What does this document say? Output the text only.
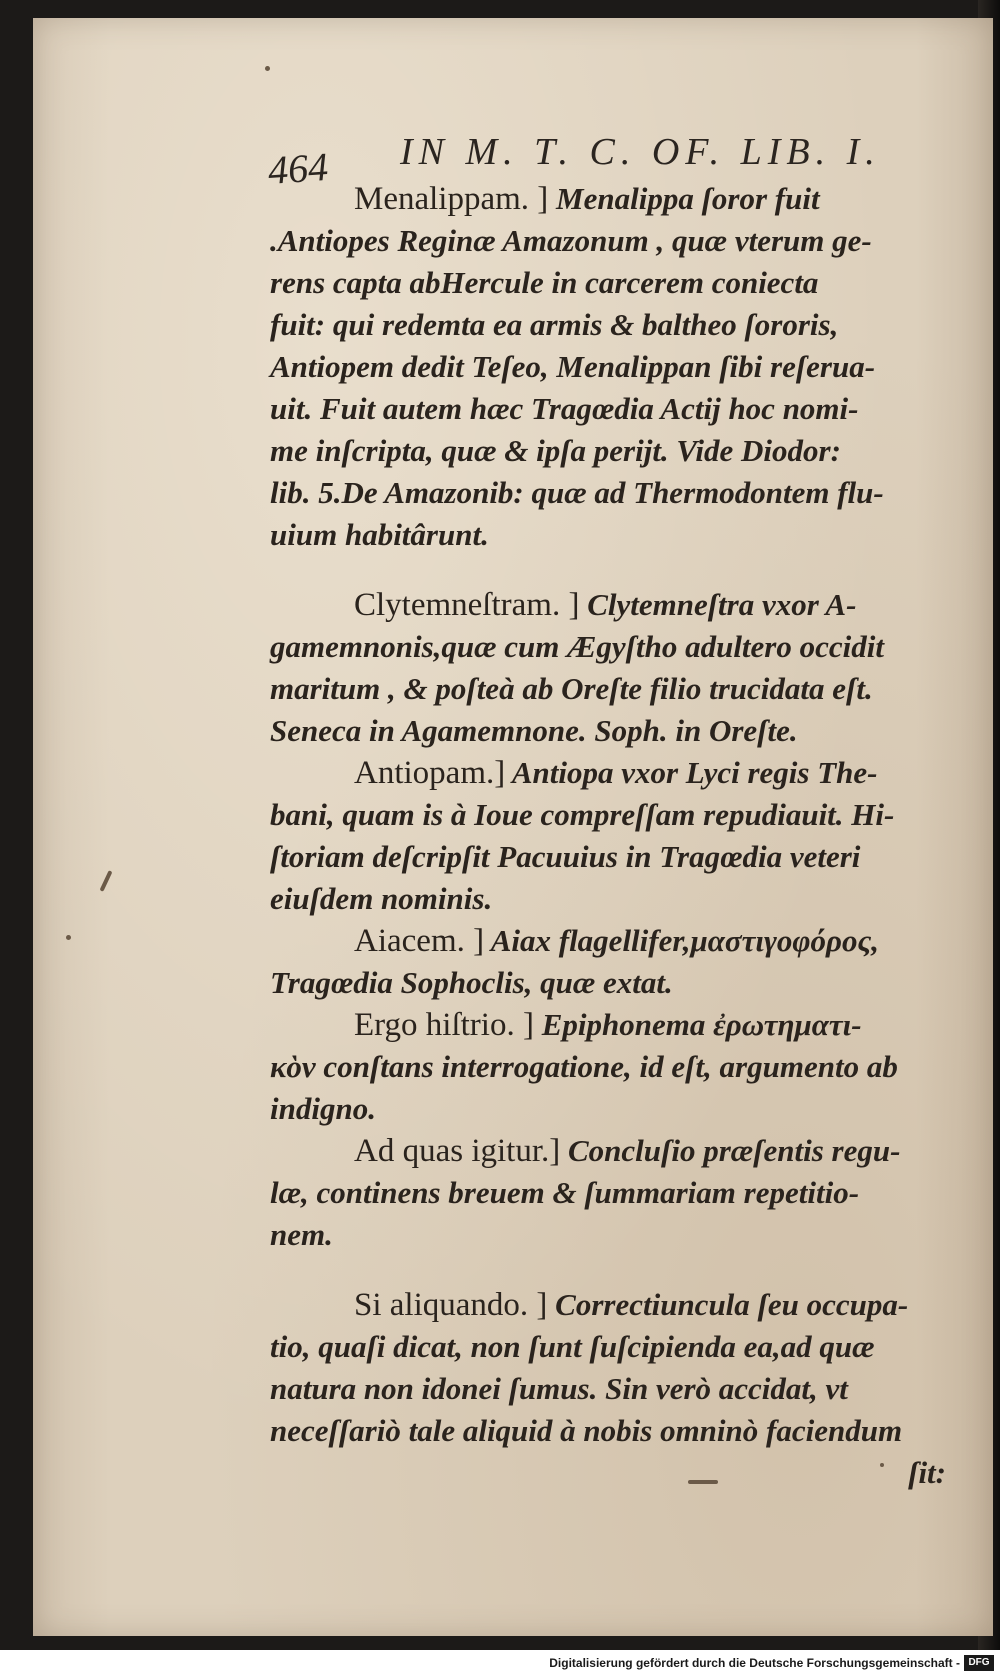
464 IN M. T. C. OF. LIB. I.
Menalippam. ] Menalippa ſoror fuit
.Antiopes Reginæ Amazonum , quæ vterum ge-
rens capta abHercule in carcerem coniecta
fuit: qui redemta ea armis & baltheo ſororis,
Antiopem dedit Teſeo, Menalippan ſibi reſerua-
uit. Fuit autem hæc Tragœdia Actij hoc nomi-
me inſcripta, quæ & ipſa periјt. Vide Diodor:
lib. 5.De Amazonib: quæ ad Thermodontem flu-
uium habitârunt.
Clytemneſtram. ] Clytemneſtra vxor A-
gamemnonis,quæ cum Ægyſtho adultero occidit
maritum , & poſteà ab Oreſte filio trucidata eſt.
Seneca in Agamemnone. Soph. in Oreſte.
Antiopam.] Antiopa vxor Lyci regis The-
bani, quam is à Ioue compreſſam repudiauit. Hi-
ſtoriam deſcripſit Pacuuius in Tragœdia veteri
eiuſdem nominis.
Aiacem. ] Aiax flagellifer,μαστιγοφόρος,
Tragœdia Sophoclis, quæ extat.
Ergo hiſtrio. ] Epiphonema ἐρωτηματι-
κὸν conſtans interrogatione, id eſt, argumento ab
indigno.
Ad quas igitur.] Concluſio præſentis regu-
læ, continens breuem & ſummariam repetitio-
nem.
Si aliquando. ] Correctiuncula ſeu occupa-
tio, quaſi dicat, non ſunt ſuſcipienda ea,ad quæ
natura non idonei ſumus. Sin verò accidat, vt
neceſſariò tale aliquid à nobis omninò faciendum
ſit:
Digitalisierung gefördert durch die Deutsche Forschungsgemeinschaft - DFG
